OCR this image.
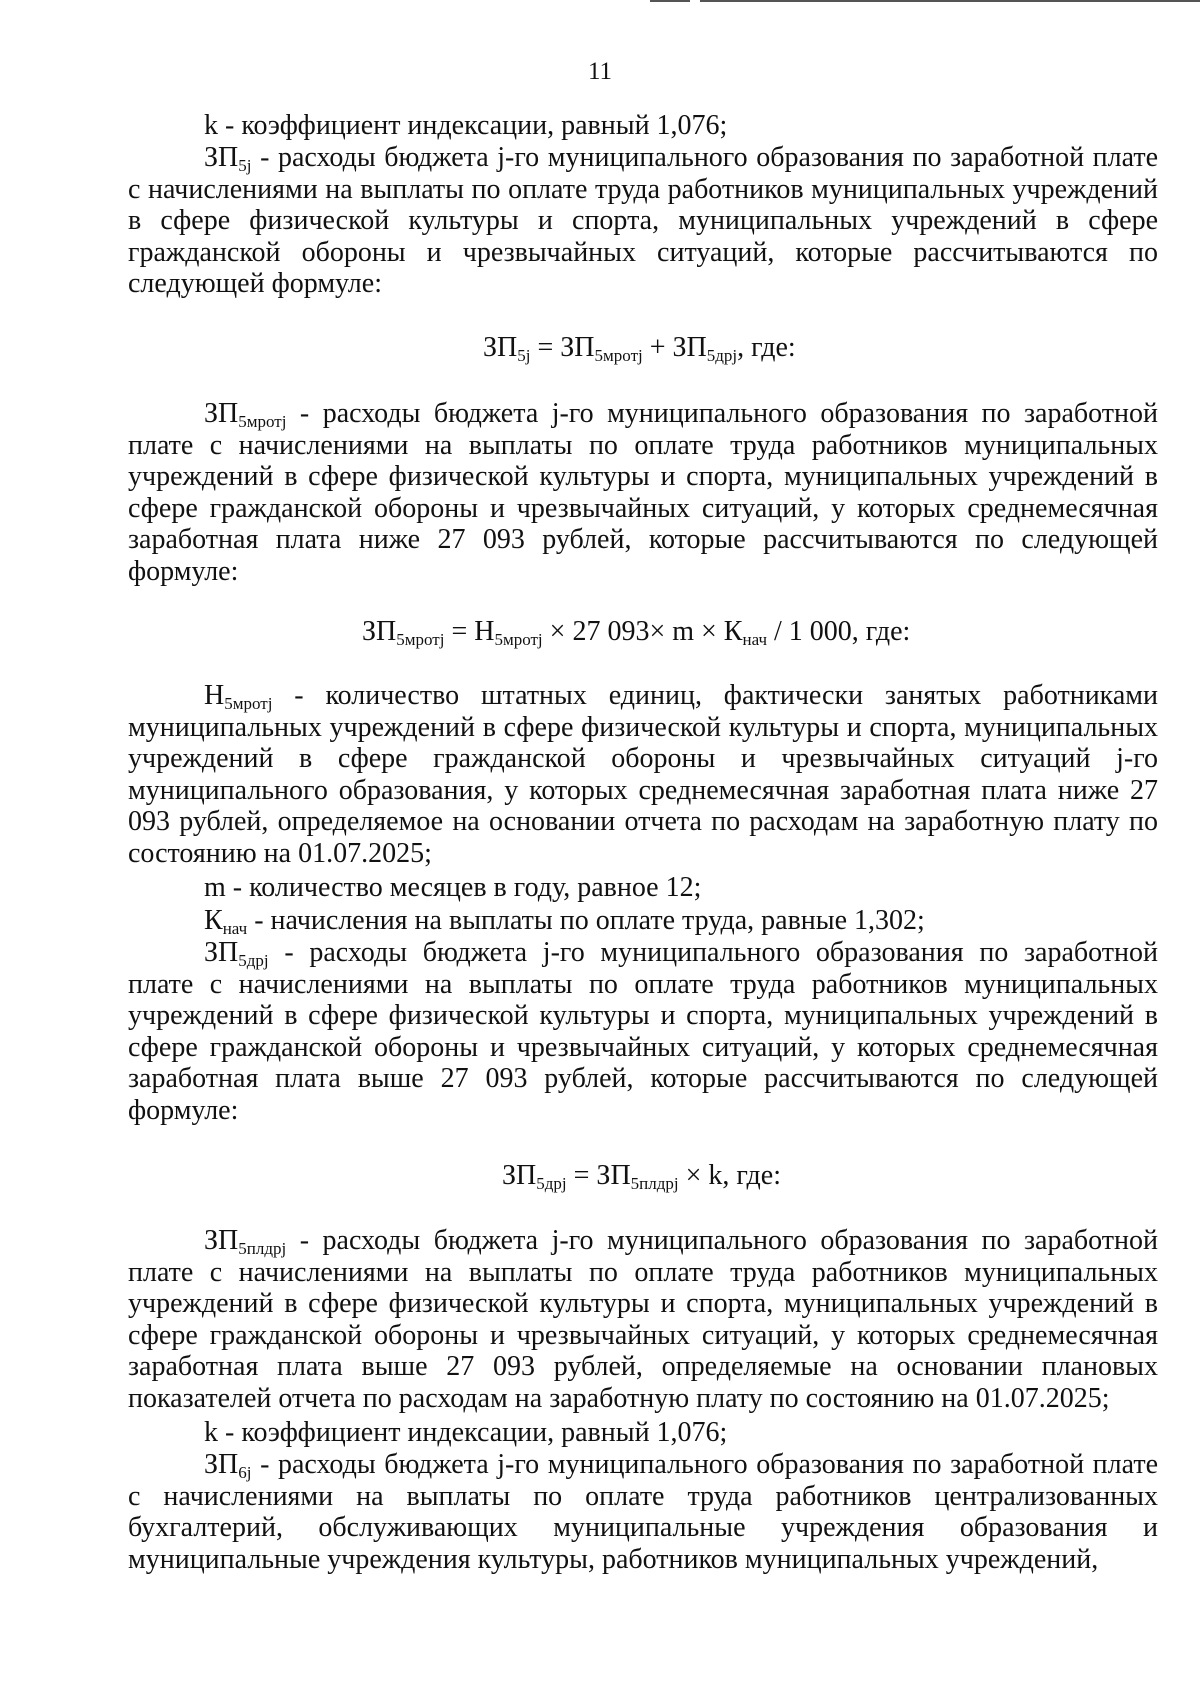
11

k - коэффициент индексации, равный 1,076;

$ЗП_{5j}$ - расходы бюджета j-го муниципального образования по заработной плате с начислениями на выплаты по оплате труда работников муниципальных учреждений в сфере физической культуры и спорта, муниципальных учреждений в сфере гражданской обороны и чрезвычайных ситуаций, которые рассчитываются по следующей формуле:

$ЗП_{5j} = ЗП_{5мротj} + ЗП_{5дрj}$, где:

$ЗП_{5мротj}$ - расходы бюджета j-го муниципального образования по заработной плате с начислениями на выплаты по оплате труда работников муниципальных учреждений в сфере физической культуры и спорта, муниципальных учреждений в сфере гражданской обороны и чрезвычайных ситуаций, у которых среднемесячная заработная плата ниже 27 093 рублей, которые рассчитываются по следующей формуле:

$ЗП_{5мротj} = Н_{5мротj} \times 27$ $093\times m \times К_{нач} / 1$ 000, где:

$Н_{5мротj}$ - количество штатных единиц, фактически занятых работниками муниципальных учреждений в сфере физической культуры и спорта, муниципальных учреждений в сфере гражданской обороны и чрезвычайных ситуаций j-го муниципального образования, у которых среднемесячная заработная плата ниже 27 093 рублей, определяемое на основании отчета по расходам на заработную плату по состоянию на 01.07.2025;

m - количество месяцев в году, равное 12;

$К_{нач}$ - начисления на выплаты по оплате труда, равные 1,302;

$ЗП_{5дрj}$ - расходы бюджета j-го муниципального образования по заработной плате с начислениями на выплаты по оплате труда работников муниципальных учреждений в сфере физической культуры и спорта, муниципальных учреждений в сфере гражданской обороны и чрезвычайных ситуаций, у которых среднемесячная заработная плата выше 27 093 рублей, которые рассчитываются по следующей формуле:

$ЗП_{5дрj} = ЗП_{5плдрj} \times k$, где:

$ЗП_{5плдрj}$ - расходы бюджета j-го муниципального образования по заработной плате с начислениями на выплаты по оплате труда работников муниципальных учреждений в сфере физической культуры и спорта, муниципальных учреждений в сфере гражданской обороны и чрезвычайных ситуаций, у которых среднемесячная заработная плата выше 27 093 рублей, определяемые на основании плановых показателей отчета по расходам на заработную плату по состоянию на 01.07.2025;

k - коэффициент индексации, равный 1,076;

$ЗП_{6j}$ - расходы бюджета j-го муниципального образования по заработной плате с начислениями на выплаты по оплате труда работников централизованных бухгалтерий, обслуживающих муниципальные учреждения образования и муниципальные учреждения культуры, работников муниципальных учреждений,
